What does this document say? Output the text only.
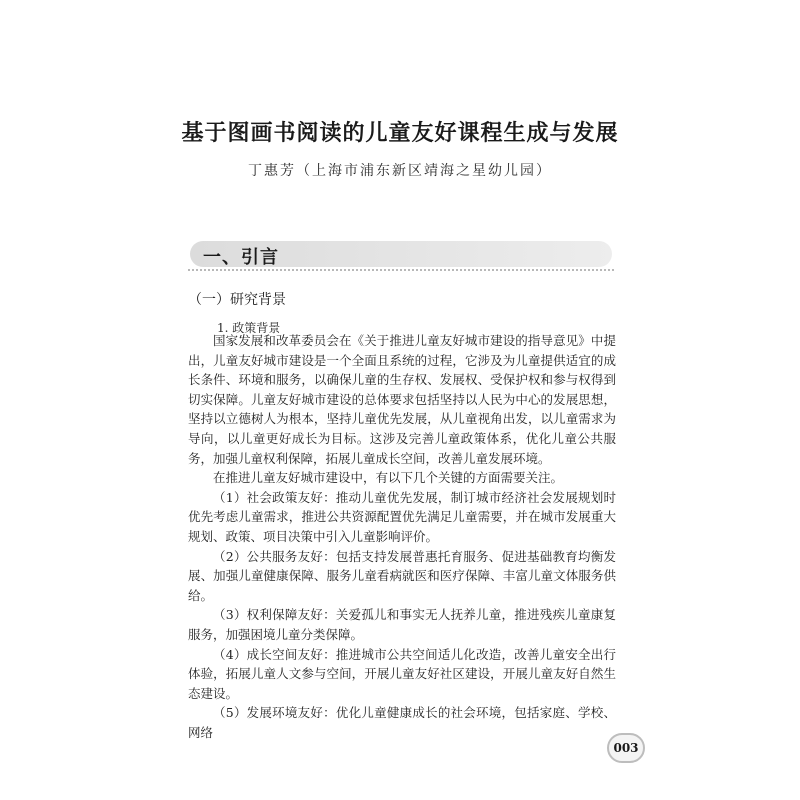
基于图画书阅读的儿童友好课程生成与发展
丁惠芳（上海市浦东新区靖海之星幼儿园）
一、引言
（一）研究背景
1. 政策背景

国家发展和改革委员会在《关于推进儿童友好城市建设的指导意见》中提出，儿童友好城市建设是一个全面且系统的过程，它涉及为儿童提供适宜的成长条件、环境和服务，以确保儿童的生存权、发展权、受保护权和参与权得到切实保障。儿童友好城市建设的总体要求包括坚持以人民为中心的发展思想，坚持以立德树人为根本，坚持儿童优先发展，从儿童视角出发，以儿童需求为导向，以儿童更好成长为目标。这涉及完善儿童政策体系，优化儿童公共服务，加强儿童权利保障，拓展儿童成长空间，改善儿童发展环境。

在推进儿童友好城市建设中，有以下几个关键的方面需要关注。

（1）社会政策友好：推动儿童优先发展，制订城市经济社会发展规划时优先考虑儿童需求，推进公共资源配置优先满足儿童需要，并在城市发展重大规划、政策、项目决策中引入儿童影响评价。

（2）公共服务友好：包括支持发展普惠托育服务、促进基础教育均衡发展、加强儿童健康保障、服务儿童看病就医和医疗保障、丰富儿童文体服务供给。

（3）权利保障友好：关爱孤儿和事实无人抚养儿童，推进残疾儿童康复服务，加强困境儿童分类保障。

（4）成长空间友好：推进城市公共空间适儿化改造，改善儿童安全出行体验，拓展儿童人文参与空间，开展儿童友好社区建设，开展儿童友好自然生态建设。

（5）发展环境友好：优化儿童健康成长的社会环境，包括家庭、学校、网络

003
